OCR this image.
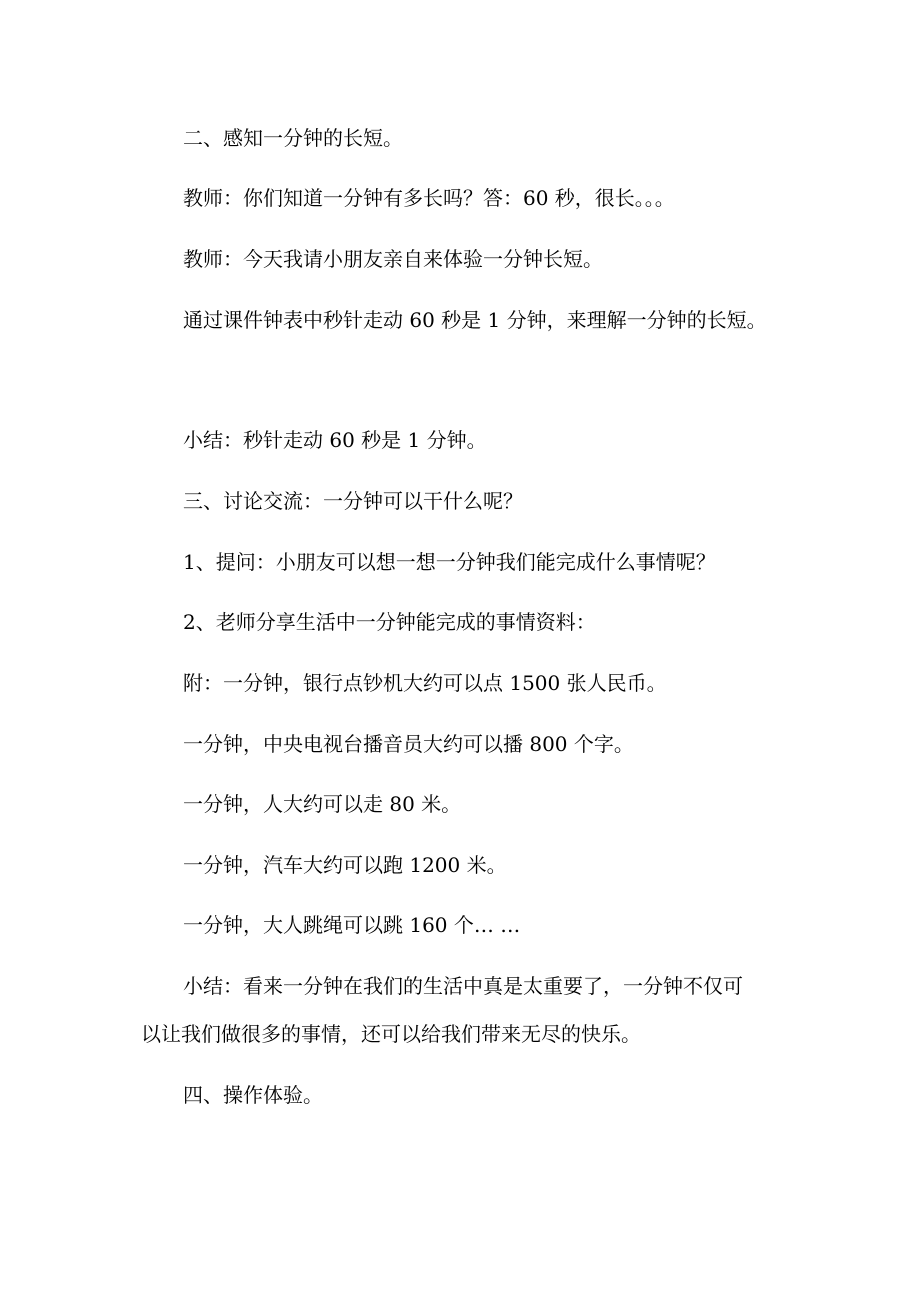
二、感知一分钟的长短。

教师：你们知道一分钟有多长吗？答：60 秒，很长。。。

教师：今天我请小朋友亲自来体验一分钟长短。

通过课件钟表中秒针走动 60 秒是 1 分钟，来理解一分钟的长短。

小结：秒针走动 60 秒是 1 分钟。

三、讨论交流：一分钟可以干什么呢？

1、提问：小朋友可以想一想一分钟我们能完成什么事情呢？

2、老师分享生活中一分钟能完成的事情资料：

附：一分钟，银行点钞机大约可以点 1500 张人民币。

一分钟，中央电视台播音员大约可以播 800 个字。

一分钟，人大约可以走 80 米。

一分钟，汽车大约可以跑 1200 米。

一分钟，大人跳绳可以跳 160 个… …

小结：看来一分钟在我们的生活中真是太重要了，一分钟不仅可

以让我们做很多的事情，还可以给我们带来无尽的快乐。

四、操作体验。
